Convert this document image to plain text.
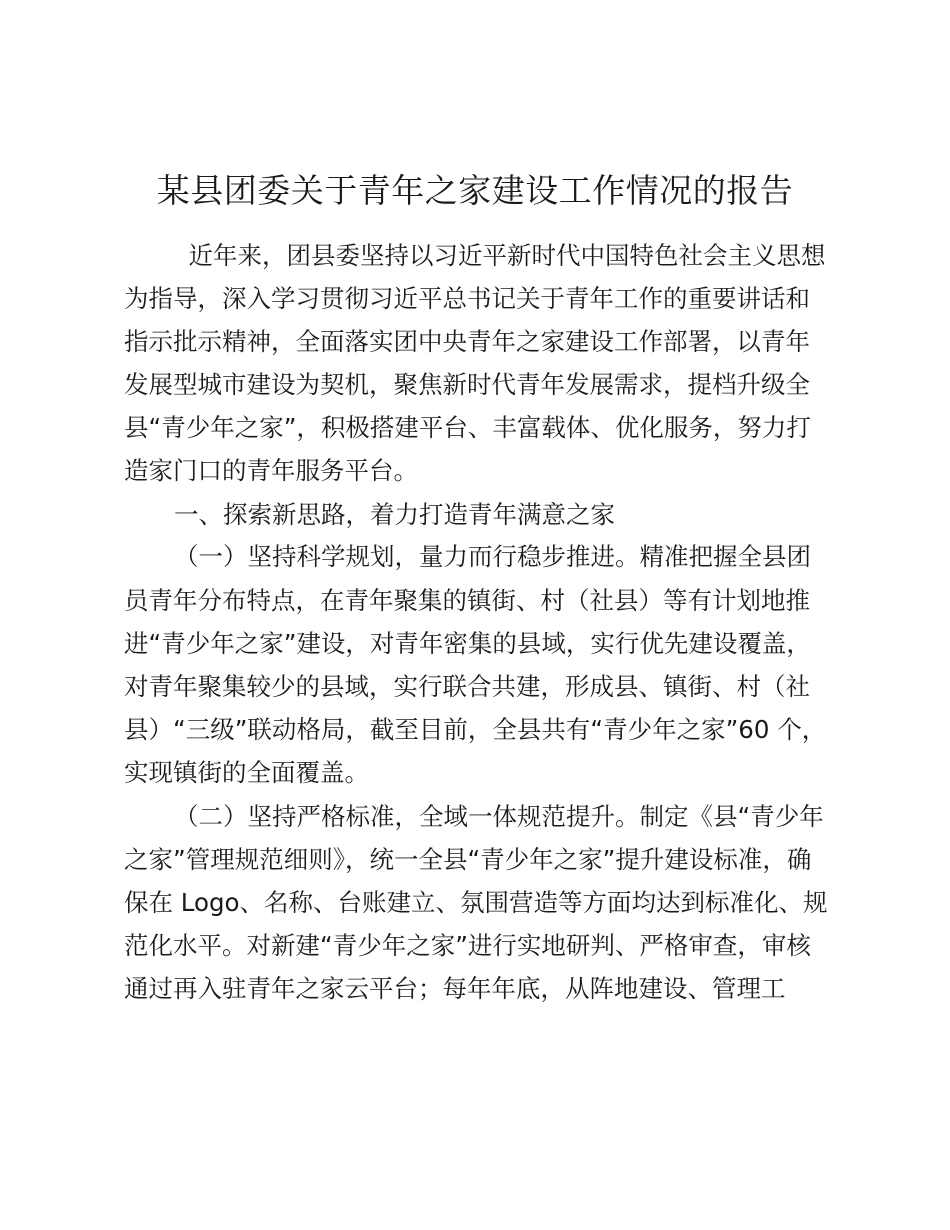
某县团委关于青年之家建设工作情况的报告
　近年来，团县委坚持以习近平新时代中国特色社会主义思想
为指导，深入学习贯彻习近平总书记关于青年工作的重要讲话和
指示批示精神，全面落实团中央青年之家建设工作部署，以青年
发展型城市建设为契机，聚焦新时代青年发展需求，提档升级全
县“青少年之家”，积极搭建平台、丰富载体、优化服务，努力打
造家门口的青年服务平台。
一、探索新思路，着力打造青年满意之家
（一）坚持科学规划，量力而行稳步推进。精准把握全县团
员青年分布特点，在青年聚集的镇街、村（社县）等有计划地推
进“青少年之家”建设，对青年密集的县域，实行优先建设覆盖，
对青年聚集较少的县域，实行联合共建，形成县、镇街、村（社
县）“三级”联动格局，截至目前，全县共有“青少年之家”60 个，
实现镇街的全面覆盖。
（二）坚持严格标准，全域一体规范提升。制定《县“青少年
之家”管理规范细则》，统一全县“青少年之家”提升建设标准，确
保在 Logo、名称、台账建立、氛围营造等方面均达到标准化、规
范化水平。对新建“青少年之家”进行实地研判、严格审查，审核
通过再入驻青年之家云平台；每年年底，从阵地建设、管理工
